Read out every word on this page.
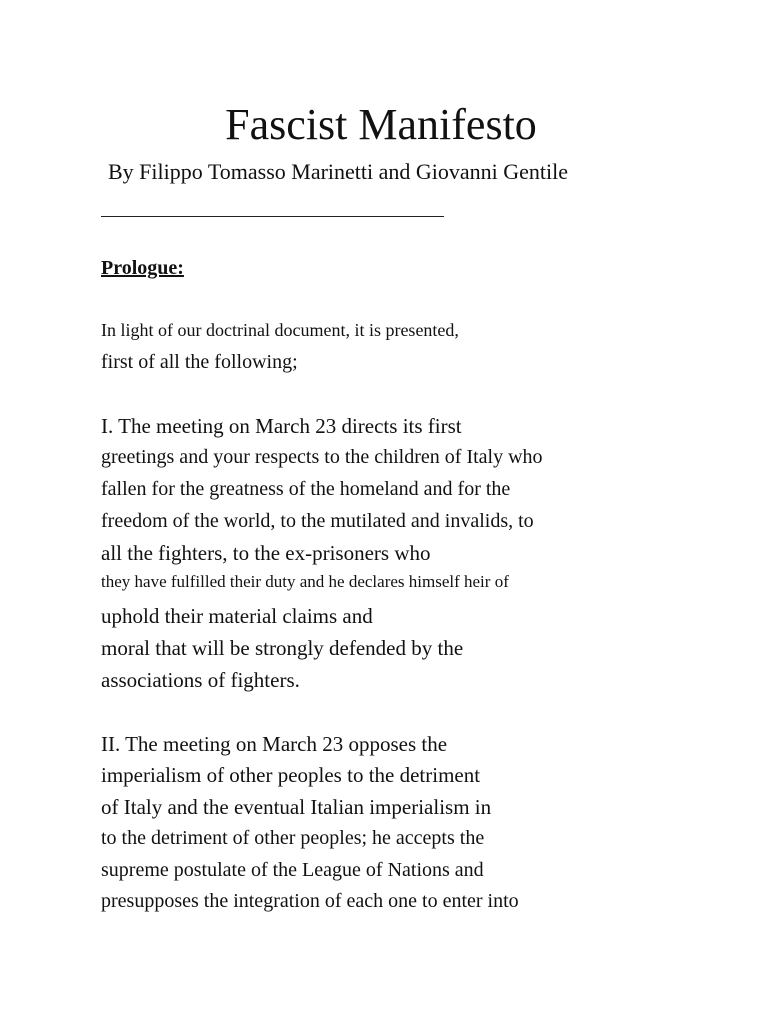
Fascist Manifesto

By Filippo Tomasso Marinetti and Giovanni Gentile

Prologue:

In light of our doctrinal document, it is presented,

first of all the following;

I. The meeting on March 23 directs its first

greetings and your respects to the children of Italy who

fallen for the greatness of the homeland and for the

freedom of the world, to the mutilated and invalids, to

all the fighters, to the ex-prisoners who

they have fulfilled their duty and he declares himself heir of

uphold their material claims and

moral that will be strongly defended by the

associations of fighters.

II. The meeting on March 23 opposes the

imperialism of other peoples to the detriment

of Italy and the eventual Italian imperialism in

to the detriment of other peoples; he accepts the

supreme postulate of the League of Nations and

presupposes the integration of each one to enter into
